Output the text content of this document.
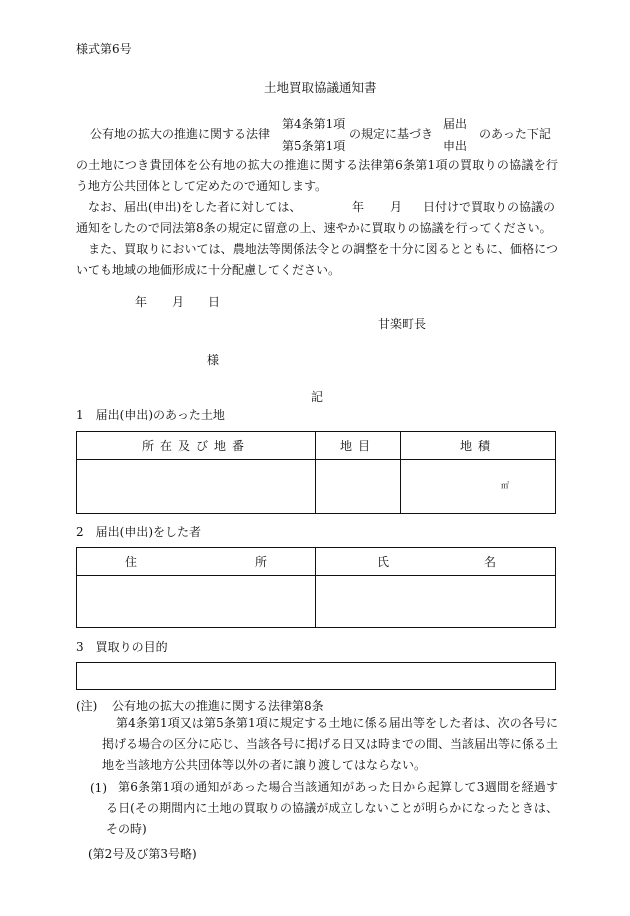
様式第6号
土地買取協議通知書
公有地の拡大の推進に関する法律
第4条第1項
第5条第1項
の規定に基づき
届出
申出
のあった下記
の土地につき貴団体を公有地の拡大の推進に関する法律第6条第1項の買取りの協議を行う地方公共団体として定めたので通知します。
なお、届出(申出)をした者に対しては、	年 月 日付けで買取りの協議の
通知をしたので同法第8条の規定に留意の上、速やかに買取りの協議を行ってください。
また、買取りにおいては、農地法等関係法令との調整を十分に図るとともに、価格についても地域の地価形成に十分配慮してください。
年 月 日
甘楽町長
様
記
1　届出(申出)のあった土地
所在及び地番	地目	地積

		㎡
2　届出(申出)をした者
住 所	氏 名

3　買取りの目的
(注) 公有地の拡大の推進に関する法律第8条
第4条第1項又は第5条第1項に規定する土地に係る届出等をした者は、次の各号に掲げる場合の区分に応じ、当該各号に掲げる日又は時までの間、当該届出等に係る土地を当該地方公共団体等以外の者に譲り渡してはならない。
(1) 第6条第1項の通知があった場合当該通知があった日から起算して3週間を経過する日(その期間内に土地の買取りの協議が成立しないことが明らかになったときは、その時)
(第2号及び第3号略)
